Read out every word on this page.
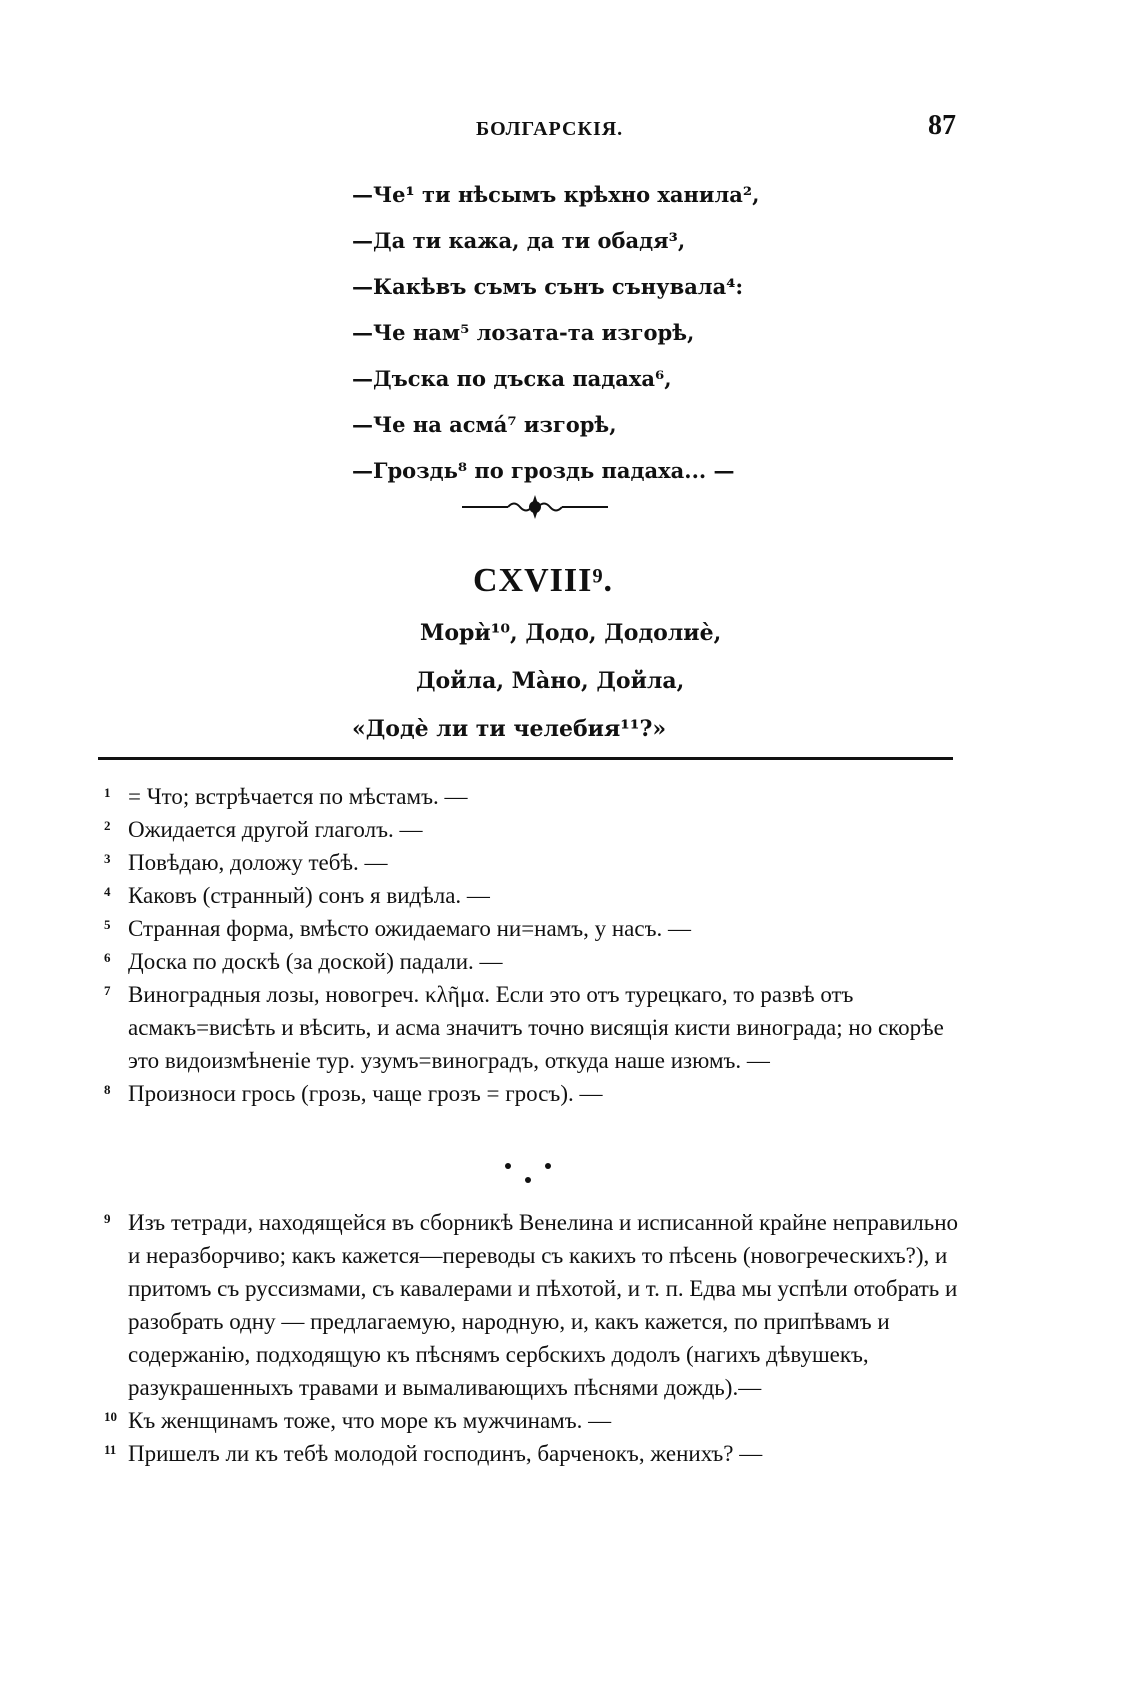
БОЛГАРСКІЯ.	87
—Че¹ ти нѣсымъ крѣхно ханила²,
—Да ти кажа, да ти обадя³,
—Какѣвъ съмъ сънъ сънувала⁴:
—Че нам⁵ лозата-та изгорѣ,
—Дъска по дъска падаха⁶,
—Че на асмá⁷ изгорѣ,
—Гроздь⁸ по гроздь падаха... —
CXVIII⁹.
Морѝ¹⁰, Додо, Додолиѐ,
Дойла, Мàно, Дойла,
«Додѐ ли ти челебия¹¹?»
1 = Что; встрѣчается по мѣстамъ. —
2 Ожидается другой глаголъ. —
3 Повѣдаю, доложу тебѣ. —
4 Каковъ (странный) сонъ я видѣла. —
5 Странная форма, вмѣсто ожидаемаго ни=намъ, у насъ. —
6 Доска по доскѣ (за доской) падали. —
7 Виноградныя лозы, новогреч. κλῆμα. Если это отъ турецкаго, то развѣ отъ асмакъ=висѣть и вѣсить, и асма значитъ точно висящія кисти винограда; но скорѣе это видоизмѣненіе тур. узумъ=виноградъ, откуда наше изюмъ. —
8 Произноси грось (грозь, чаще грозъ = гросъ). —
9 Изъ тетради, находящейся въ сборникѣ Венелина и исписанной крайне неправильно и неразборчиво; какъ кажется—переводы съ какихъ то пѣсень (новогреческихъ?), и притомъ съ руссизмами, съ кавалерами и пѣхотой, и т. п. Едва мы успѣли отобрать и разобрать одну — предлагаемую, народную, и, какъ кажется, по припѣвамъ и содержанію, подходящую къ пѣснямъ сербскихъ додолъ (нагихъ дѣвушекъ, разукрашенныхъ травами и вымаливающихъ пѣснями дождь).—
10 Къ женщинамъ тоже, что море къ мужчинамъ. —
11 Пришелъ ли къ тебѣ молодой господинъ, барченокъ, женихъ? —
